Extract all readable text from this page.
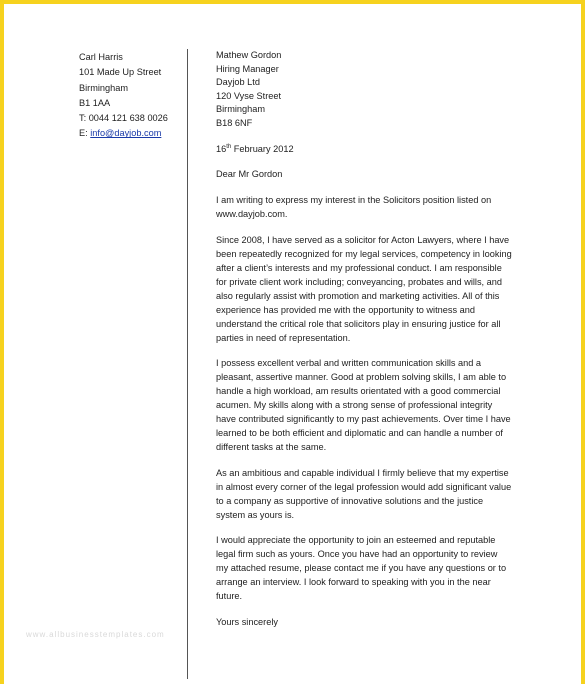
Carl Harris
101 Made Up Street
Birmingham
B1 1AA
T: 0044 121 638 0026
E: info@dayjob.com
Mathew Gordon
Hiring Manager
Dayjob Ltd
120 Vyse Street
Birmingham
B18 6NF
16th February 2012
Dear Mr Gordon
I am writing to express my interest in the Solicitors position listed on www.dayjob.com.
Since 2008, I have served as a solicitor for Acton Lawyers, where I have been repeatedly recognized for my legal services, competency in looking after a client’s interests and my professional conduct. I am responsible for private client work including; conveyancing, probates and wills, and also regularly assist with promotion and marketing activities. All of this experience has provided me with the opportunity to witness and understand the critical role that solicitors play in ensuring justice for all parties in need of representation.
I possess excellent verbal and written communication skills and a pleasant, assertive manner. Good at problem solving skills, I am able to handle a high workload, am results orientated with a good commercial acumen. My skills along with a strong sense of professional integrity have contributed significantly to my past achievements. Over time I have learned to be both efficient and diplomatic and can handle a number of different tasks at the same.
As an ambitious and capable individual I firmly believe that my expertise in almost every corner of the legal profession would add significant value to a company as supportive of innovative solutions and the justice system as yours is.
I would appreciate the opportunity to join an esteemed and reputable legal firm such as yours. Once you have had an opportunity to review my attached resume, please contact me if you have any questions or to arrange an interview. I look forward to speaking with you in the near future.
Yours sincerely
www.allbusinesstemplates.com
